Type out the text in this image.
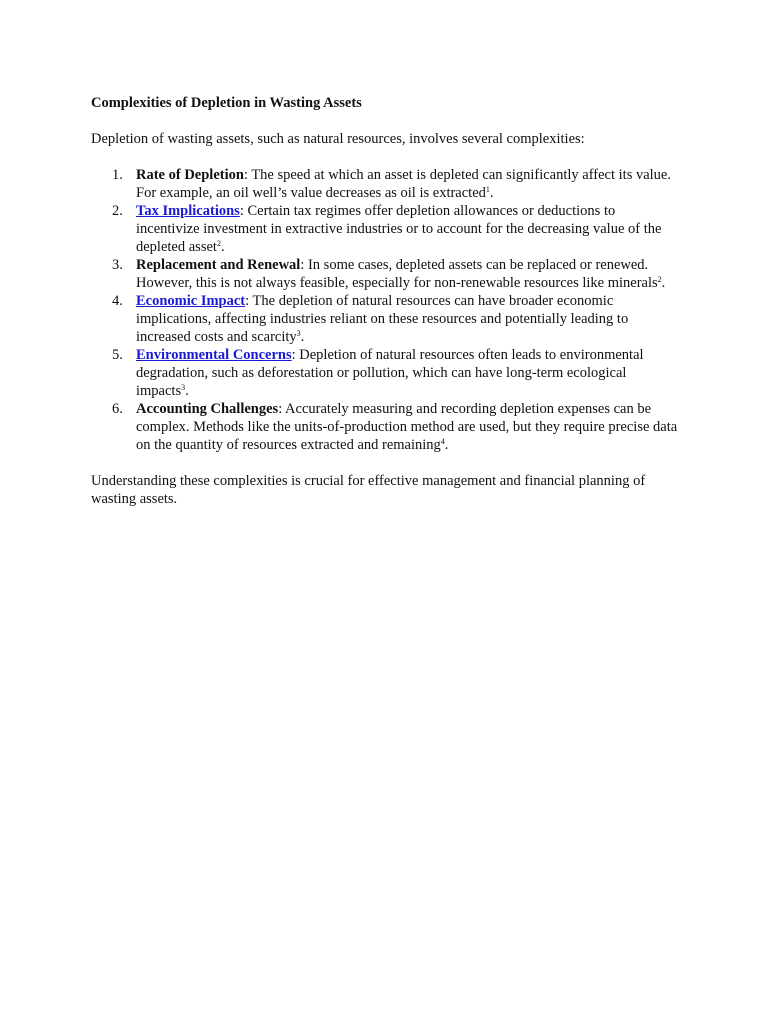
Complexities of Depletion in Wasting Assets

Depletion of wasting assets, such as natural resources, involves several complexities:

1. Rate of Depletion: The speed at which an asset is depleted can significantly affect its value. For example, an oil well’s value decreases as oil is extracted$^1$.
2. Tax Implications: Certain tax regimes offer depletion allowances or deductions to incentivize investment in extractive industries or to account for the decreasing value of the depleted asset$^2$.
3. Replacement and Renewal: In some cases, depleted assets can be replaced or renewed. However, this is not always feasible, especially for non-renewable resources like minerals$^2$.
4. Economic Impact: The depletion of natural resources can have broader economic implications, affecting industries reliant on these resources and potentially leading to increased costs and scarcity$^3$.
5. Environmental Concerns: Depletion of natural resources often leads to environmental degradation, such as deforestation or pollution, which can have long-term ecological impacts$^3$.
6. Accounting Challenges: Accurately measuring and recording depletion expenses can be complex. Methods like the units-of-production method are used, but they require precise data on the quantity of resources extracted and remaining$^4$.

Understanding these complexities is crucial for effective management and financial planning of wasting assets.
